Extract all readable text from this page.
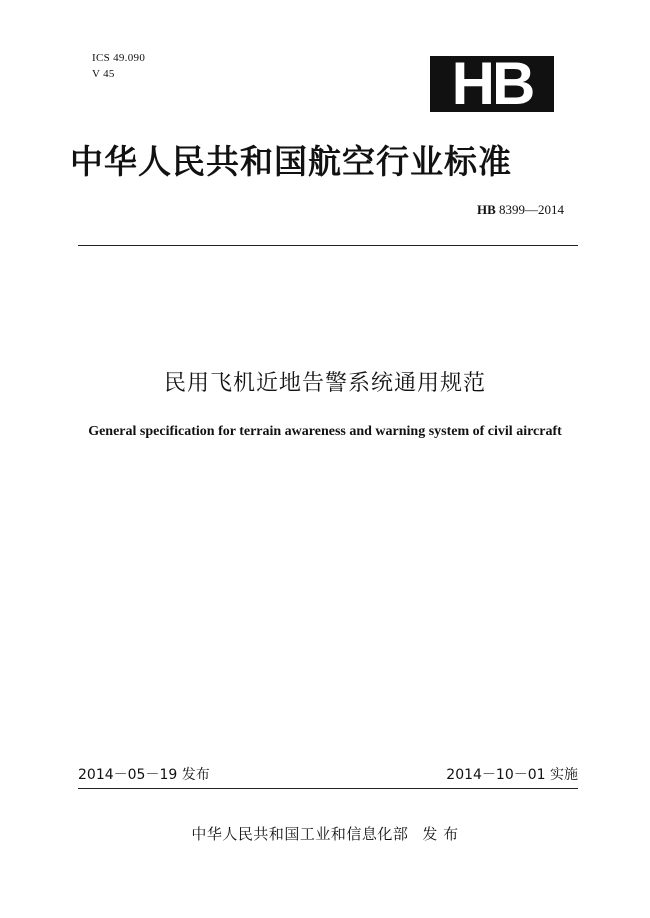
ICS 49.090
V 45	HB
中华人民共和国航空行业标准
HB 8399—2014
民用飞机近地告警系统通用规范
General specification for terrain awareness and warning system of civil aircraft
2014－05－19 发布	2014－10－01 实施
中华人民共和国工业和信息化部 发 布
